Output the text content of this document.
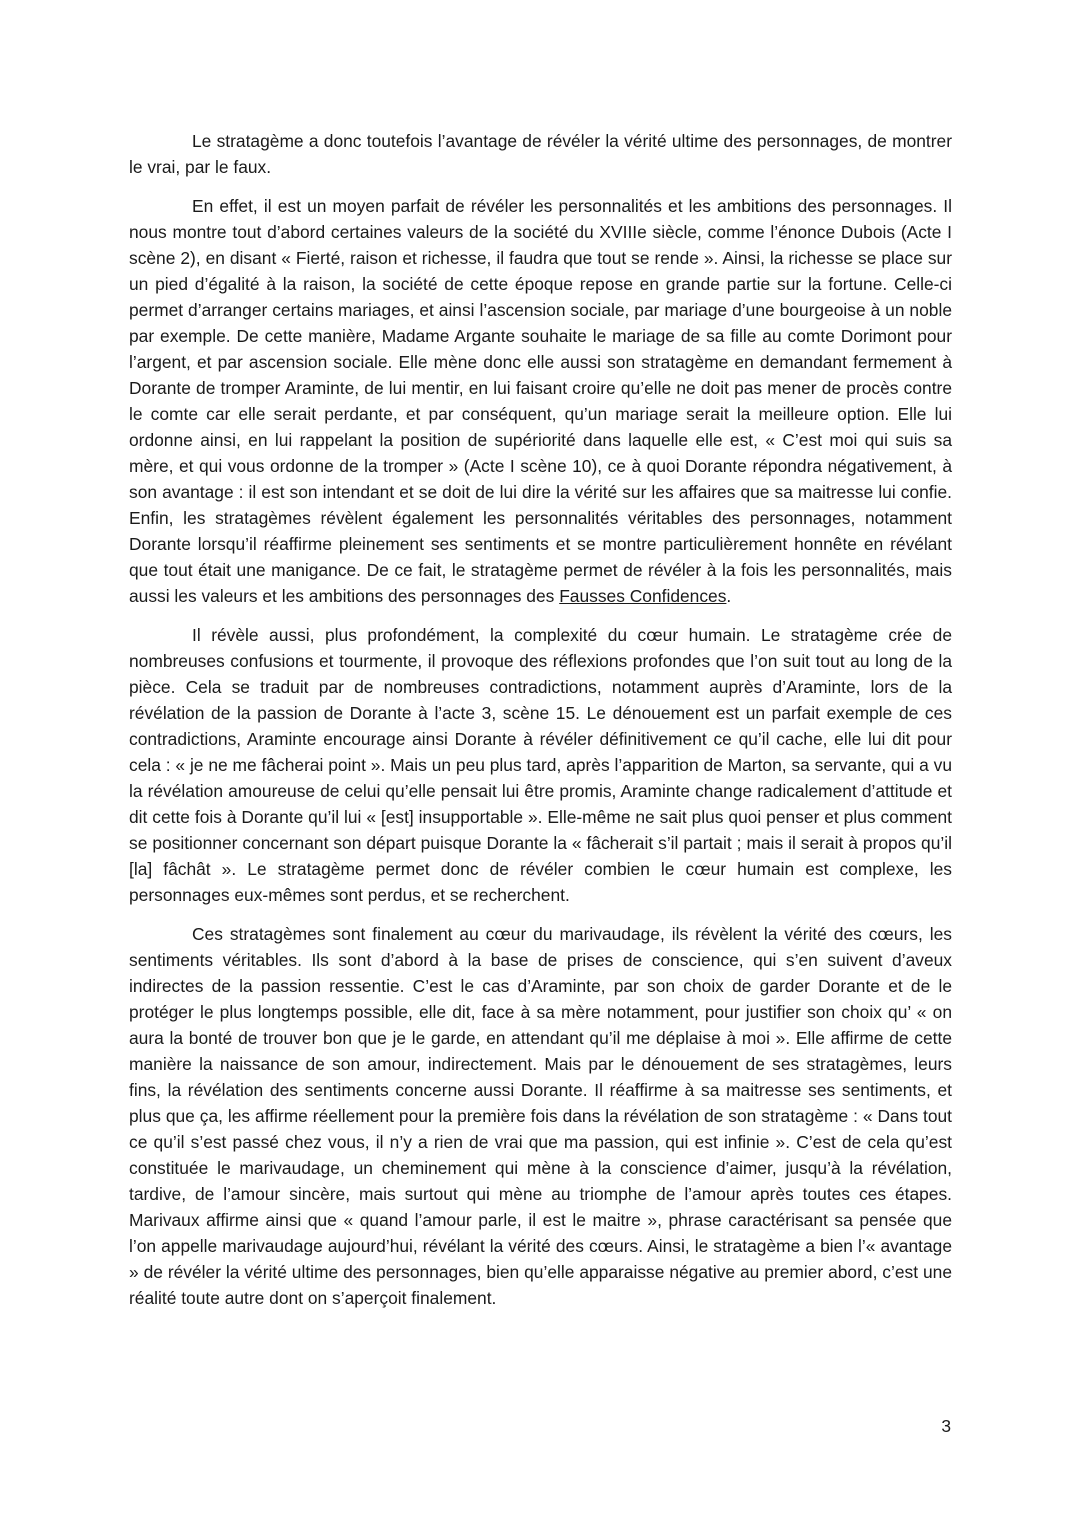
Le stratagème a donc toutefois l’avantage de révéler la vérité ultime des personnages, de montrer le vrai, par le faux.

En effet, il est un moyen parfait de révéler les personnalités et les ambitions des personnages. Il nous montre tout d’abord certaines valeurs de la société du XVIIIe siècle, comme l’énonce Dubois (Acte I scène 2), en disant « Fierté, raison et richesse, il faudra que tout se rende ». Ainsi, la richesse se place sur un pied d’égalité à la raison, la société de cette époque repose en grande partie sur la fortune. Celle-ci permet d’arranger certains mariages, et ainsi l’ascension sociale, par mariage d’une bourgeoise à un noble par exemple. De cette manière, Madame Argante souhaite le mariage de sa fille au comte Dorimont pour l’argent, et par ascension sociale. Elle mène donc elle aussi son stratagème en demandant fermement à Dorante de tromper Araminte, de lui mentir, en lui faisant croire qu’elle ne doit pas mener de procès contre le comte car elle serait perdante, et par conséquent, qu’un mariage serait la meilleure option. Elle lui ordonne ainsi, en lui rappelant la position de supériorité dans laquelle elle est, « C’est moi qui suis sa mère, et qui vous ordonne de la tromper » (Acte I scène 10), ce à quoi Dorante répondra négativement, à son avantage : il est son intendant et se doit de lui dire la vérité sur les affaires que sa maitresse lui confie. Enfin, les stratagèmes révèlent également les personnalités véritables des personnages, notamment Dorante lorsqu’il réaffirme pleinement ses sentiments et se montre particulièrement honnête en révélant que tout était une manigance. De ce fait, le stratagème permet de révéler à la fois les personnalités, mais aussi les valeurs et les ambitions des personnages des Fausses Confidences.

Il révèle aussi, plus profondément, la complexité du cœur humain. Le stratagème crée de nombreuses confusions et tourmente, il provoque des réflexions profondes que l’on suit tout au long de la pièce. Cela se traduit par de nombreuses contradictions, notamment auprès d’Araminte, lors de la révélation de la passion de Dorante à l’acte 3, scène 15. Le dénouement est un parfait exemple de ces contradictions, Araminte encourage ainsi Dorante à révéler définitivement ce qu’il cache, elle lui dit pour cela : « je ne me fâcherai point ». Mais un peu plus tard, après l’apparition de Marton, sa servante, qui a vu la révélation amoureuse de celui qu’elle pensait lui être promis, Araminte change radicalement d’attitude et dit cette fois à Dorante qu’il lui « [est] insupportable ». Elle-même ne sait plus quoi penser et plus comment se positionner concernant son départ puisque Dorante la « fâcherait s’il partait ; mais il serait à propos qu’il [la] fâchât ». Le stratagème permet donc de révéler combien le cœur humain est complexe, les personnages eux-mêmes sont perdus, et se recherchent.

Ces stratagèmes sont finalement au cœur du marivaudage, ils révèlent la vérité des cœurs, les sentiments véritables. Ils sont d’abord à la base de prises de conscience, qui s’en suivent d’aveux indirectes de la passion ressentie. C’est le cas d’Araminte, par son choix de garder Dorante et de le protéger le plus longtemps possible, elle dit, face à sa mère notamment, pour justifier son choix qu’ « on aura la bonté de trouver bon que je le garde, en attendant qu’il me déplaise à moi ». Elle affirme de cette manière la naissance de son amour, indirectement. Mais par le dénouement de ses stratagèmes, leurs fins, la révélation des sentiments concerne aussi Dorante. Il réaffirme à sa maitresse ses sentiments, et plus que ça, les affirme réellement pour la première fois dans la révélation de son stratagème : « Dans tout ce qu’il s’est passé chez vous, il n’y a rien de vrai que ma passion, qui est infinie ». C’est de cela qu’est constituée le marivaudage, un cheminement qui mène à la conscience d’aimer, jusqu’à la révélation, tardive, de l’amour sincère, mais surtout qui mène au triomphe de l’amour après toutes ces étapes. Marivaux affirme ainsi que « quand l’amour parle, il est le maitre », phrase caractérisant sa pensée que l’on appelle marivaudage aujourd’hui, révélant la vérité des cœurs. Ainsi, le stratagème a bien l’« avantage » de révéler la vérité ultime des personnages, bien qu’elle apparaisse négative au premier abord, c’est une réalité toute autre dont on s’aperçoit finalement.

3
